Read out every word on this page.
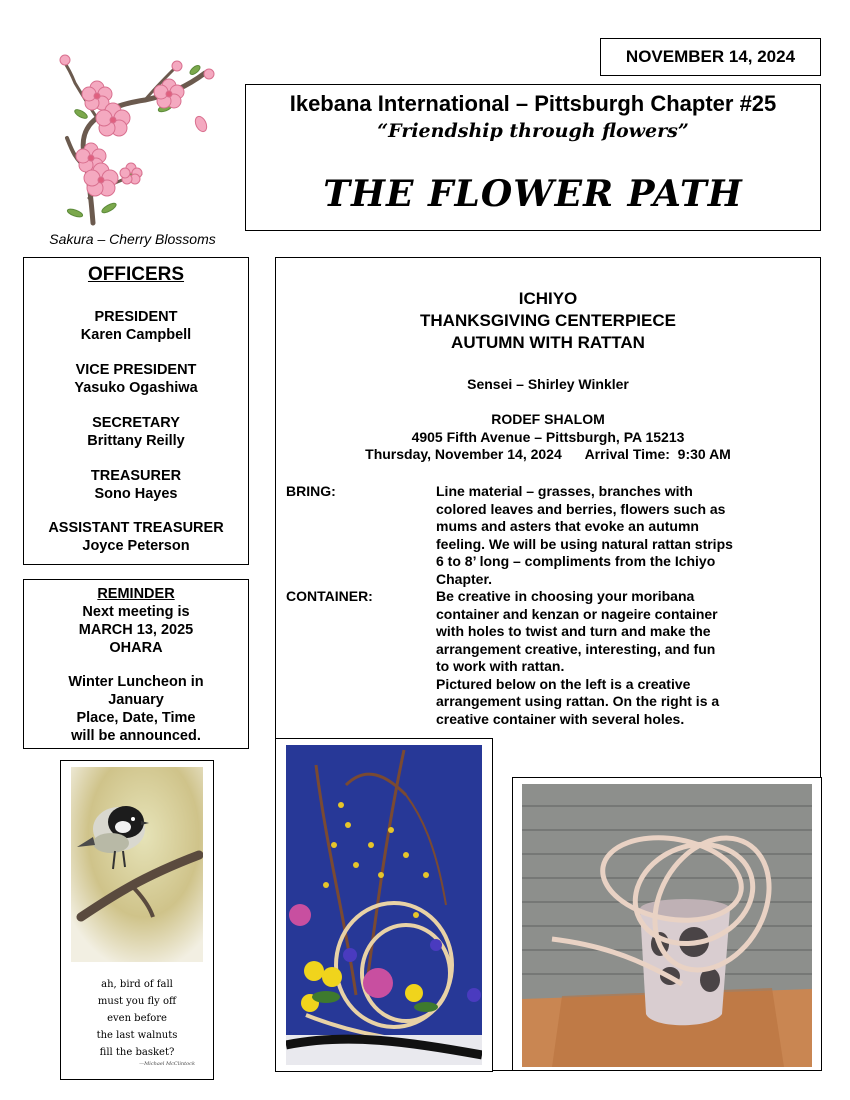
NOVEMBER 14, 2024
Sakura – Cherry Blossoms
Ikebana International – Pittsburgh Chapter #25
“Friendship through flowers”
THE FLOWER PATH
OFFICERS
PRESIDENT
Karen Campbell
VICE PRESIDENT
Yasuko Ogashiwa
SECRETARY
Brittany Reilly
TREASURER
Sono Hayes
ASSISTANT TREASURER
Joyce Peterson
REMINDER
Next meeting is
MARCH 13, 2025
OHARA
Winter Luncheon in
January
Place, Date, Time
will be announced.
ah, bird of fall
must you fly off
even before
the last walnuts
fill the basket?
—Michael McClintock
ICHIYO
THANKSGIVING CENTERPIECE
AUTUMN WITH RATTAN
Sensei – Shirley Winkler
RODEF SHALOM
4905 Fifth Avenue – Pittsburgh, PA 15213
Thursday, November 14, 2024      Arrival Time:  9:30 AM
BRING:	Line material – grasses, branches with
colored leaves and berries, flowers such as
mums and asters that evoke an autumn
feeling. We will be using natural rattan strips
6 to 8’ long – compliments from the Ichiyo
Chapter.
CONTAINER:	Be creative in choosing your moribana
container and kenzan or nageire container
with holes to twist and turn and make the
arrangement creative, interesting, and fun
to work with rattan.
Pictured below on the left is a creative
arrangement using rattan. On the right is a
creative container with several holes.
